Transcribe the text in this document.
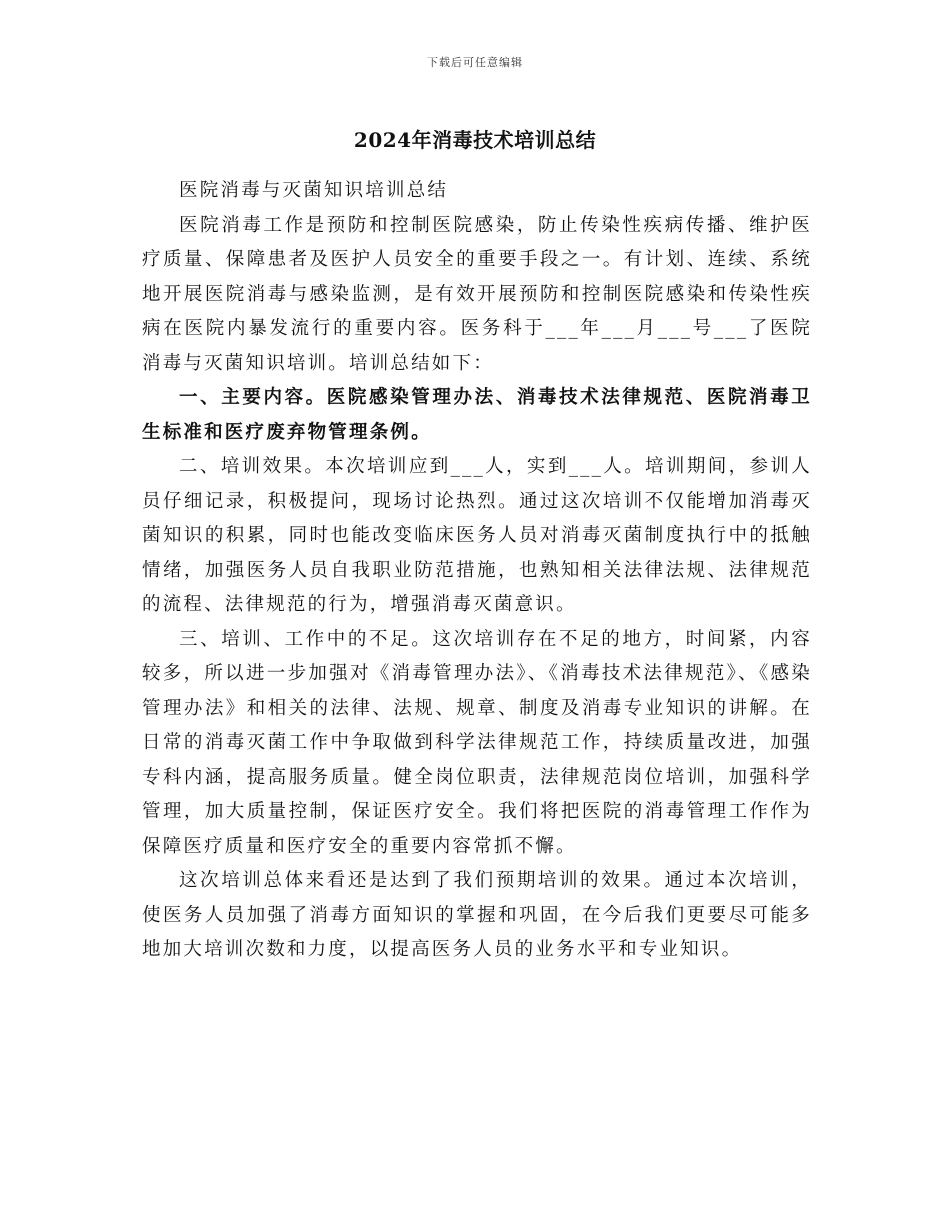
下载后可任意编辑
2024年消毒技术培训总结

医院消毒与灭菌知识培训总结

医院消毒工作是预防和控制医院感染，防止传染性疾病传播、维护医疗质量、保障患者及医护人员安全的重要手段之一。有计划、连续、系统地开展医院消毒与感染监测，是有效开展预防和控制医院感染和传染性疾病在医院内暴发流行的重要内容。医务科于___年___月___号___了医院消毒与灭菌知识培训。培训总结如下：

一、主要内容。医院感染管理办法、消毒技术法律规范、医院消毒卫生标准和医疗废弃物管理条例。

二、培训效果。本次培训应到___人，实到___人。培训期间，参训人员仔细记录，积极提问，现场讨论热烈。通过这次培训不仅能增加消毒灭菌知识的积累，同时也能改变临床医务人员对消毒灭菌制度执行中的抵触情绪，加强医务人员自我职业防范措施，也熟知相关法律法规、法律规范的流程、法律规范的行为，增强消毒灭菌意识。

三、培训、工作中的不足。这次培训存在不足的地方，时间紧，内容较多，所以进一步加强对《消毒管理办法》、《消毒技术法律规范》、《感染管理办法》和相关的法律、法规、规章、制度及消毒专业知识的讲解。在日常的消毒灭菌工作中争取做到科学法律规范工作，持续质量改进，加强专科内涵，提高服务质量。健全岗位职责，法律规范岗位培训，加强科学管理，加大质量控制，保证医疗安全。我们将把医院的消毒管理工作作为保障医疗质量和医疗安全的重要内容常抓不懈。

这次培训总体来看还是达到了我们预期培训的效果。通过本次培训，使医务人员加强了消毒方面知识的掌握和巩固，在今后我们更要尽可能多地加大培训次数和力度，以提高医务人员的业务水平和专业知识。
